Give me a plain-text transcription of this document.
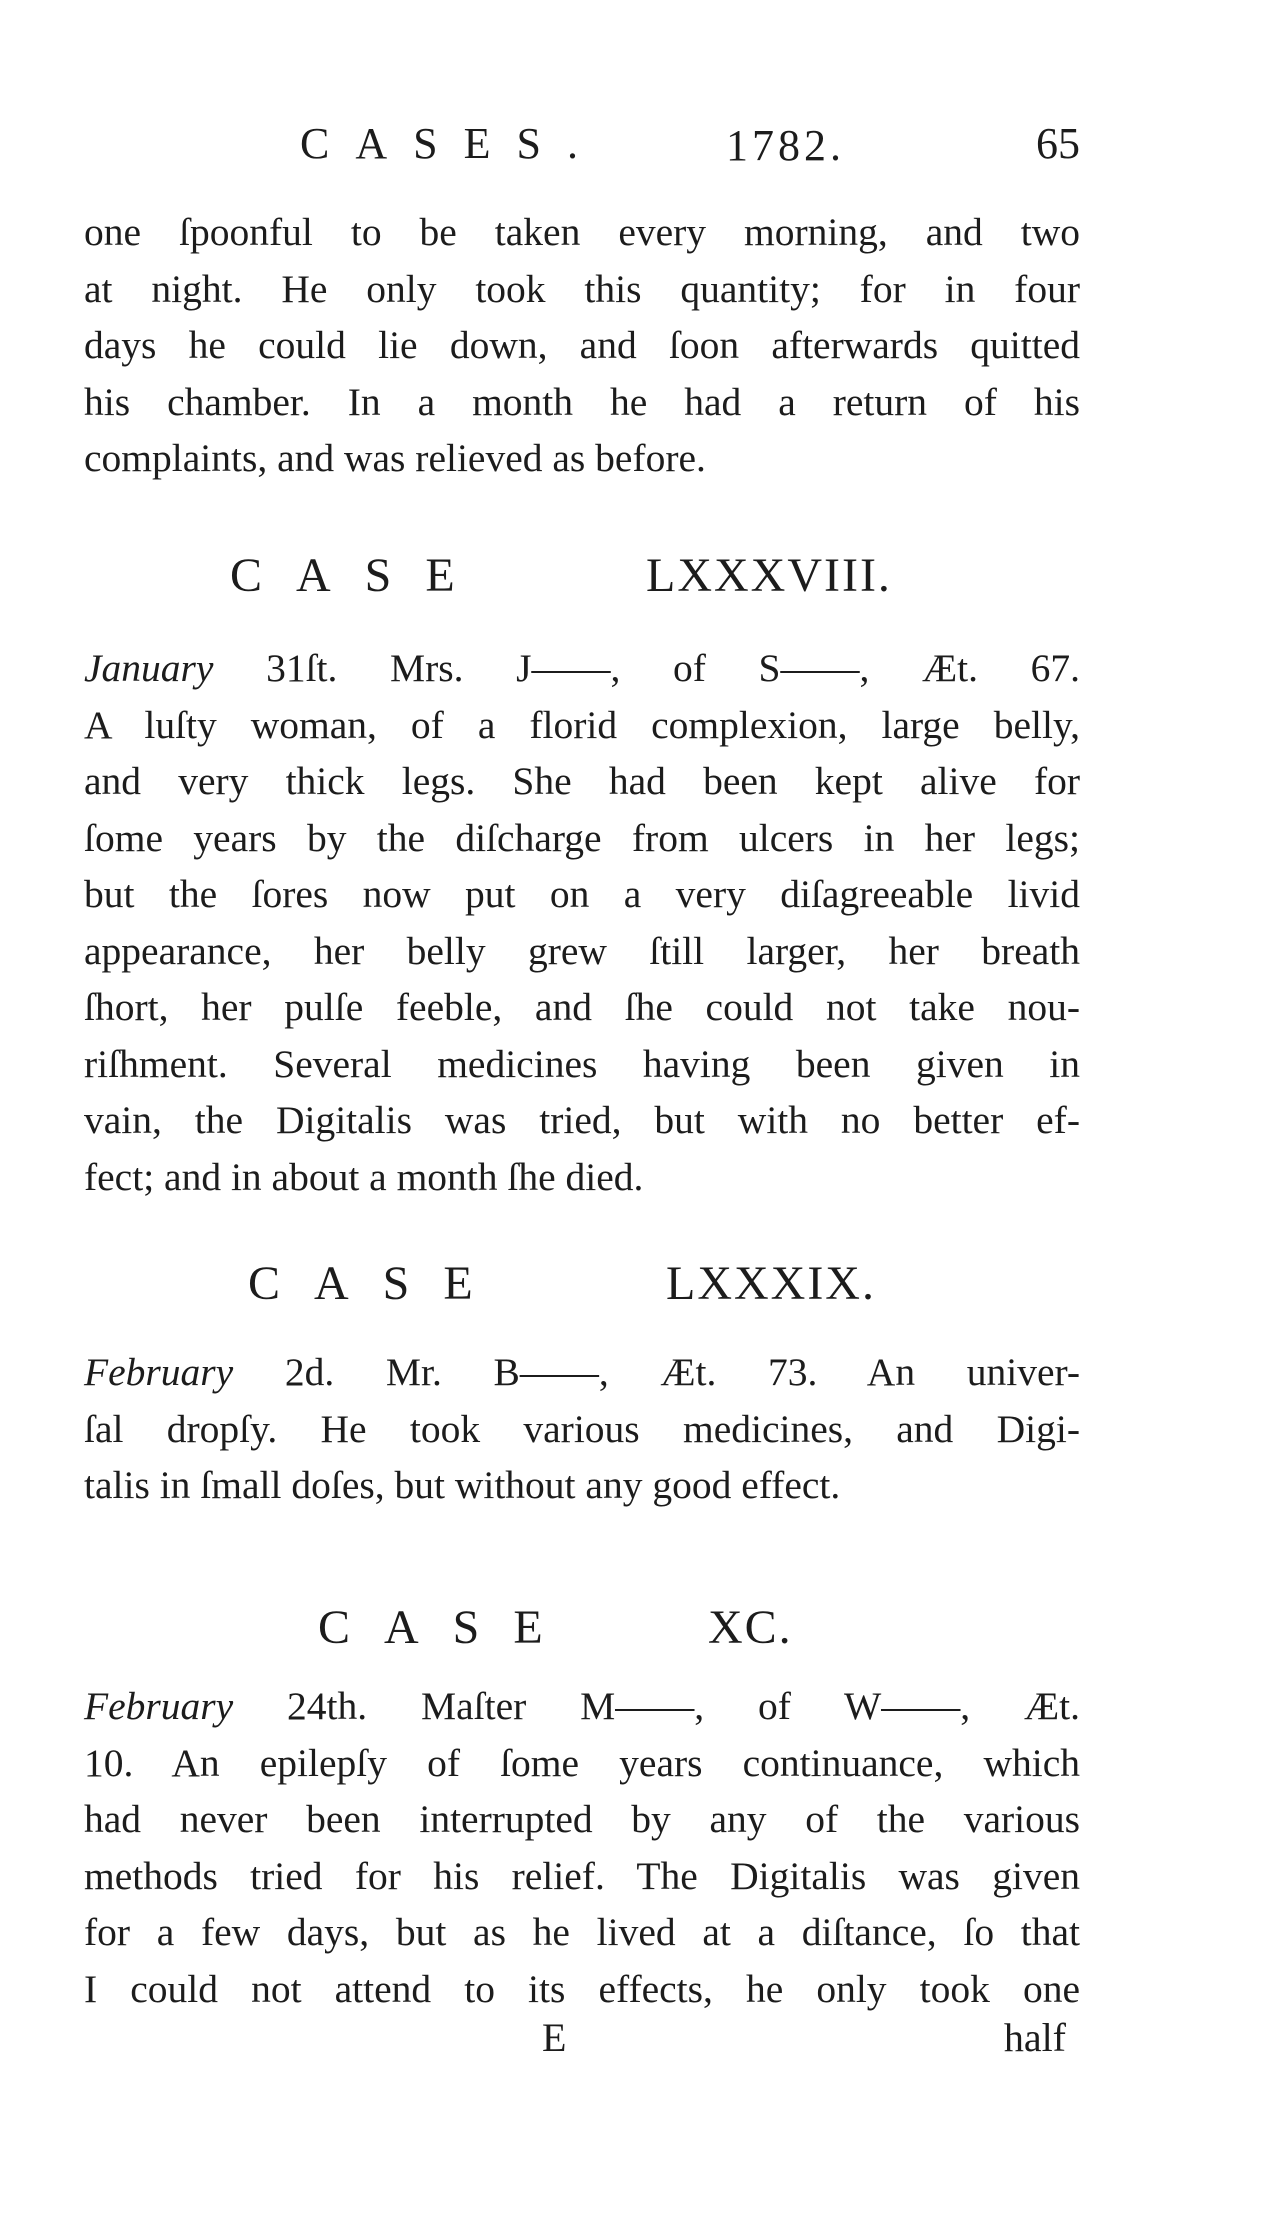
CASES.	1782.	65
one ſpoonful to be taken every morning, and two
at night. He only took this quantity; for in four
days he could lie down, and ſoon afterwards quitted
his chamber. In a month he had a return of his
complaints, and was relieved as before.
CASE	LXXXVIII.
January 31ſt. Mrs. J——, of S——, Æt. 67.
A luſty woman, of a florid complexion, large belly,
and very thick legs. She had been kept alive for
ſome years by the diſcharge from ulcers in her legs;
but the ſores now put on a very diſagreeable livid
appearance, her belly grew ſtill larger, her breath
ſhort, her pulſe feeble, and ſhe could not take nou-
riſhment. Several medicines having been given in
vain, the Digitalis was tried, but with no better ef-
fect; and in about a month ſhe died.
CASE	LXXXIX.
February 2d. Mr. B——, Æt. 73. An univer-
ſal dropſy. He took various medicines, and Digi-
talis in ſmall doſes, but without any good effect.
CASE	XC.
February 24th. Maſter M——, of W——, Æt.
10. An epilepſy of ſome years continuance, which
had never been interrupted by any of the various
methods tried for his relief. The Digitalis was given
for a few days, but as he lived at a diſtance, ſo that
I could not attend to its effects, he only took one
E	half
